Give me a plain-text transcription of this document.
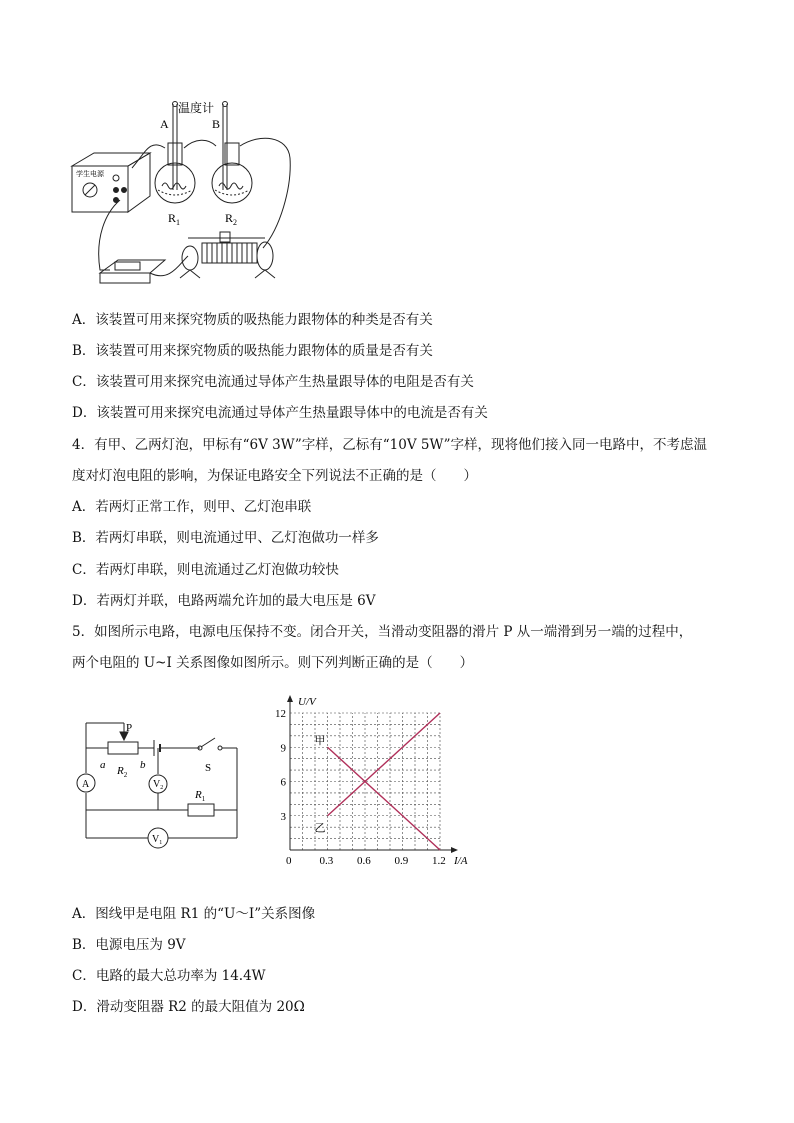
温度计
A	B
学生电源
$R_1$	$R_2$
A．该装置可用来探究物质的吸热能力跟物体的种类是否有关
B．该装置可用来探究物质的吸热能力跟物体的质量是否有关
C．该装置可用来探究电流通过导体产生热量跟导体的电阻是否有关
D．该装置可用来探究电流通过导体产生热量跟导体中的电流是否有关
4．有甲、乙两灯泡，甲标有“6V 3W”字样，乙标有“10V 5W”字样，现将他们接入同一电路中，不考虑温
度对灯泡电阻的影响，为保证电路安全下列说法不正确的是（　　）
A．若两灯正常工作，则甲、乙灯泡串联
B．若两灯串联，则电流通过甲、乙灯泡做功一样多
C．若两灯串联，则电流通过乙灯泡做功较快
D．若两灯并联，电路两端允许加的最大电压是 6V
5．如图所示电路，电源电压保持不变。闭合开关，当滑动变阻器的滑片 P 从一端滑到另一端的过程中，
两个电阻的 U~I 关系图像如图所示。则下列判断正确的是（　　）
P
a	b
$R_2$
$R_1$
S
A	$V_2$
$V_1$
0	0.3 0.6 0.9 1.2
3
6
9
12
I/A
U/V
甲
乙
A．图线甲是电阻 R1 的“U～I”关系图像
B．电源电压为 9V
C．电路的最大总功率为 14.4W
D．滑动变阻器 R2 的最大阻值为 20Ω
